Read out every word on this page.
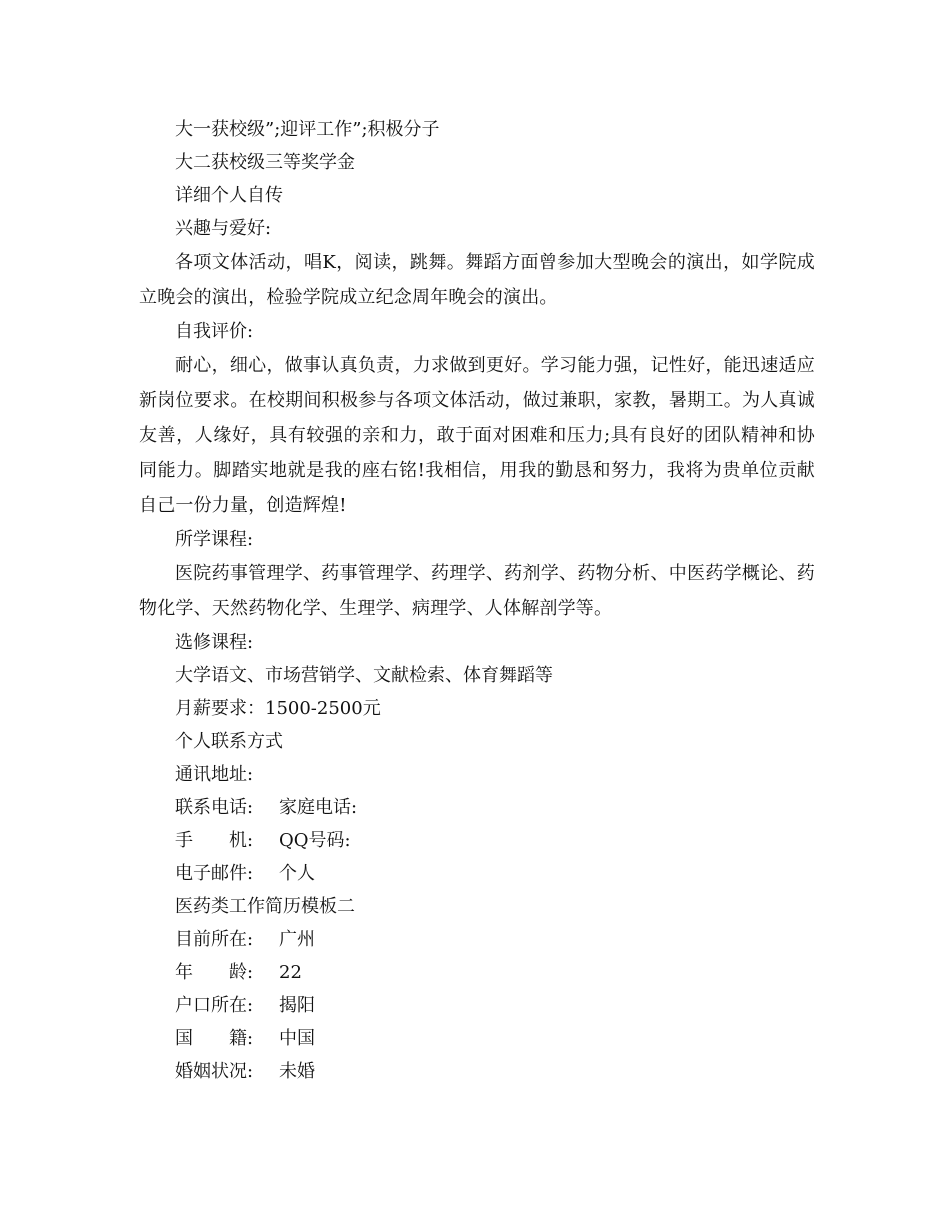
大一获校级”;迎评工作”;积极分子

大二获校级三等奖学金

详细个人自传

兴趣与爱好:

各项文体活动，唱K，阅读，跳舞。舞蹈方面曾参加大型晚会的演出，如学院成立晚会的演出，检验学院成立纪念周年晚会的演出。

自我评价:

耐心，细心，做事认真负责，力求做到更好。学习能力强，记性好，能迅速适应新岗位要求。在校期间积极参与各项文体活动，做过兼职，家教，暑期工。为人真诚友善，人缘好，具有较强的亲和力，敢于面对困难和压力;具有良好的团队精神和协同能力。脚踏实地就是我的座右铭!我相信，用我的勤恳和努力，我将为贵单位贡献自己一份力量，创造辉煌!

所学课程:

医院药事管理学、药事管理学、药理学、药剂学、药物分析、中医药学概论、药物化学、天然药物化学、生理学、病理学、人体解剖学等。

选修课程:

大学语文、市场营销学、文献检索、体育舞蹈等

月薪要求：1500-2500元

个人联系方式

通讯地址:

联系电话: 家庭电话:

手　　机: QQ号码:

电子邮件: 个人

医药类工作简历模板二

目前所在: 广州

年　　龄: 22

户口所在: 揭阳

国　　籍: 中国

婚姻状况: 未婚
